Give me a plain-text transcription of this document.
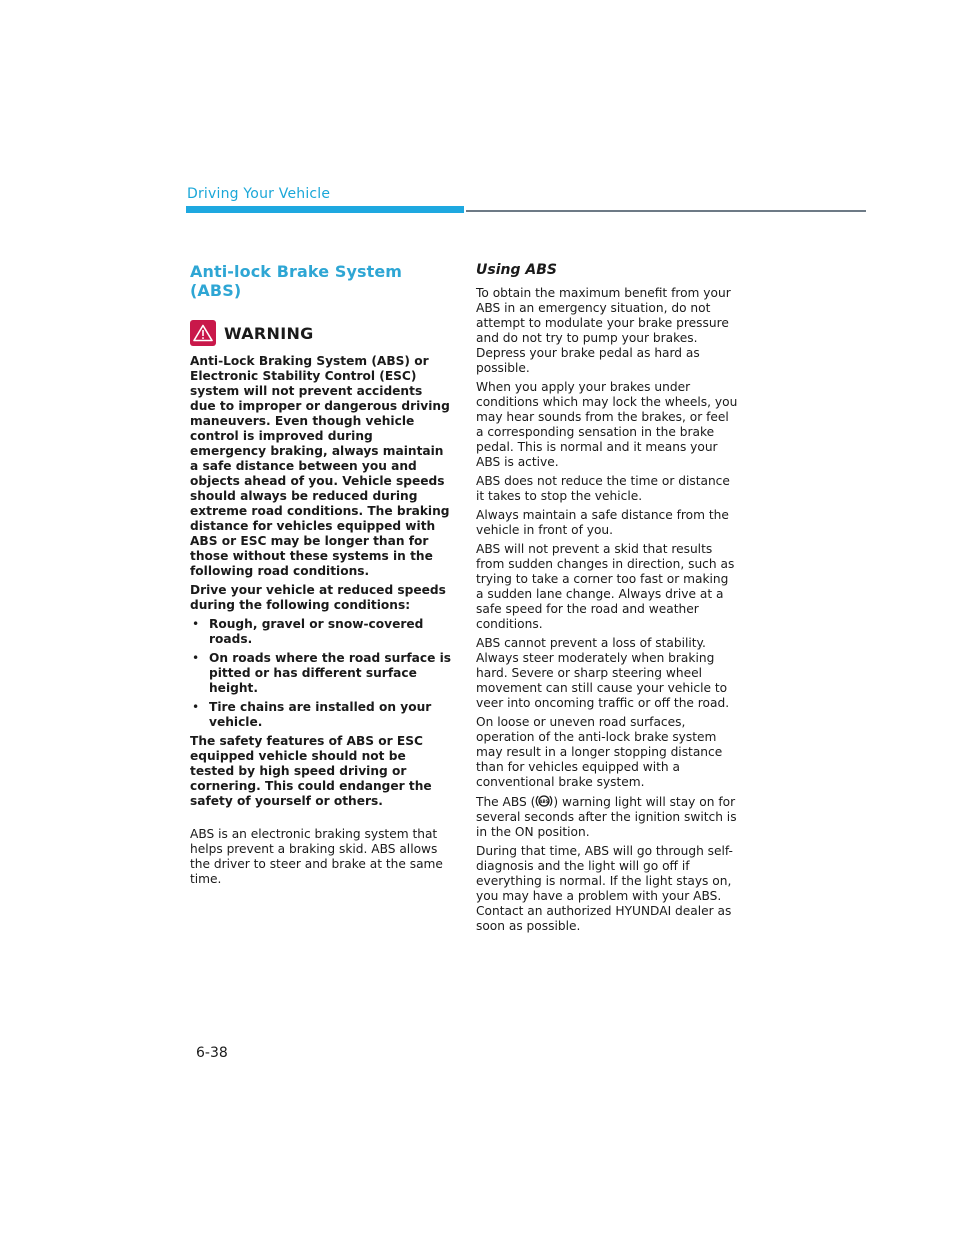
Driving Your Vehicle
Anti-lock Brake System (ABS)
WARNING

Anti-Lock Braking System (ABS) or Electronic Stability Control (ESC) system will not prevent accidents due to improper or dangerous driving maneuvers. Even though vehicle control is improved during emergency braking, always maintain a safe distance between you and objects ahead of you. Vehicle speeds should always be reduced during extreme road conditions. The braking distance for vehicles equipped with ABS or ESC may be longer than for those without these systems in the following road conditions.

Drive your vehicle at reduced speeds during the following conditions:

• Rough, gravel or snow-covered roads.
• On roads where the road surface is pitted or has different surface height.
• Tire chains are installed on your vehicle.

The safety features of ABS or ESC equipped vehicle should not be tested by high speed driving or cornering. This could endanger the safety of yourself or others.

ABS is an electronic braking system that helps prevent a braking skid. ABS allows the driver to steer and brake at the same time.

Using ABS

To obtain the maximum benefit from your ABS in an emergency situation, do not attempt to modulate your brake pressure and do not try to pump your brakes. Depress your brake pedal as hard as possible.

When you apply your brakes under conditions which may lock the wheels, you may hear sounds from the brakes, or feel a corresponding sensation in the brake pedal. This is normal and it means your ABS is active.

ABS does not reduce the time or distance it takes to stop the vehicle.

Always maintain a safe distance from the vehicle in front of you.

ABS will not prevent a skid that results from sudden changes in direction, such as trying to take a corner too fast or making a sudden lane change. Always drive at a safe speed for the road and weather conditions.

ABS cannot prevent a loss of stability. Always steer moderately when braking hard. Severe or sharp steering wheel movement can still cause your vehicle to veer into oncoming traffic or off the road.

On loose or uneven road surfaces, operation of the anti-lock brake system may result in a longer stopping distance than for vehicles equipped with a conventional brake system.

The ABS ( ABS ) warning light will stay on for several seconds after the ignition switch is in the ON position.

During that time, ABS will go through self-diagnosis and the light will go off if everything is normal. If the light stays on, you may have a problem with your ABS. Contact an authorized HYUNDAI dealer as soon as possible.

6-38
